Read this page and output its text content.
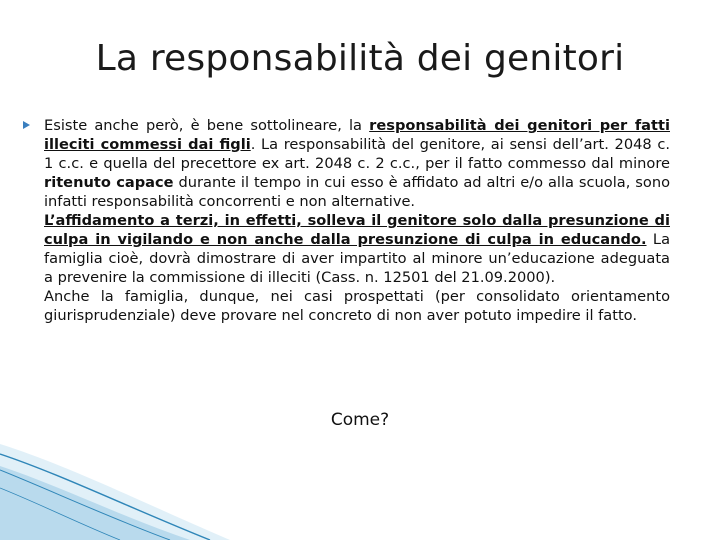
La responsabilità dei genitori
Esiste anche però, è bene sottolineare, la responsabilità dei genitori per fatti illeciti commessi dai figli. La responsabilità del genitore, ai sensi dell’art. 2048 c. 1 c.c. e quella del precettore ex art. 2048 c. 2 c.c., per il fatto commesso dal minore ritenuto capace durante il tempo in cui esso è affidato ad altri e/o alla scuola, sono infatti responsabilità concorrenti e non alternative.
L’affidamento a terzi, in effetti, solleva il genitore solo dalla presunzione di culpa in vigilando e non anche dalla presunzione di culpa in educando. La famiglia cioè, dovrà dimostrare di aver impartito al minore un’educazione adeguata a prevenire la commissione di illeciti (Cass. n. 12501 del 21.09.2000).
Anche la famiglia, dunque, nei casi prospettati (per consolidato orientamento giurisprudenziale) deve provare nel concreto di non aver potuto impedire il fatto.
Come?
